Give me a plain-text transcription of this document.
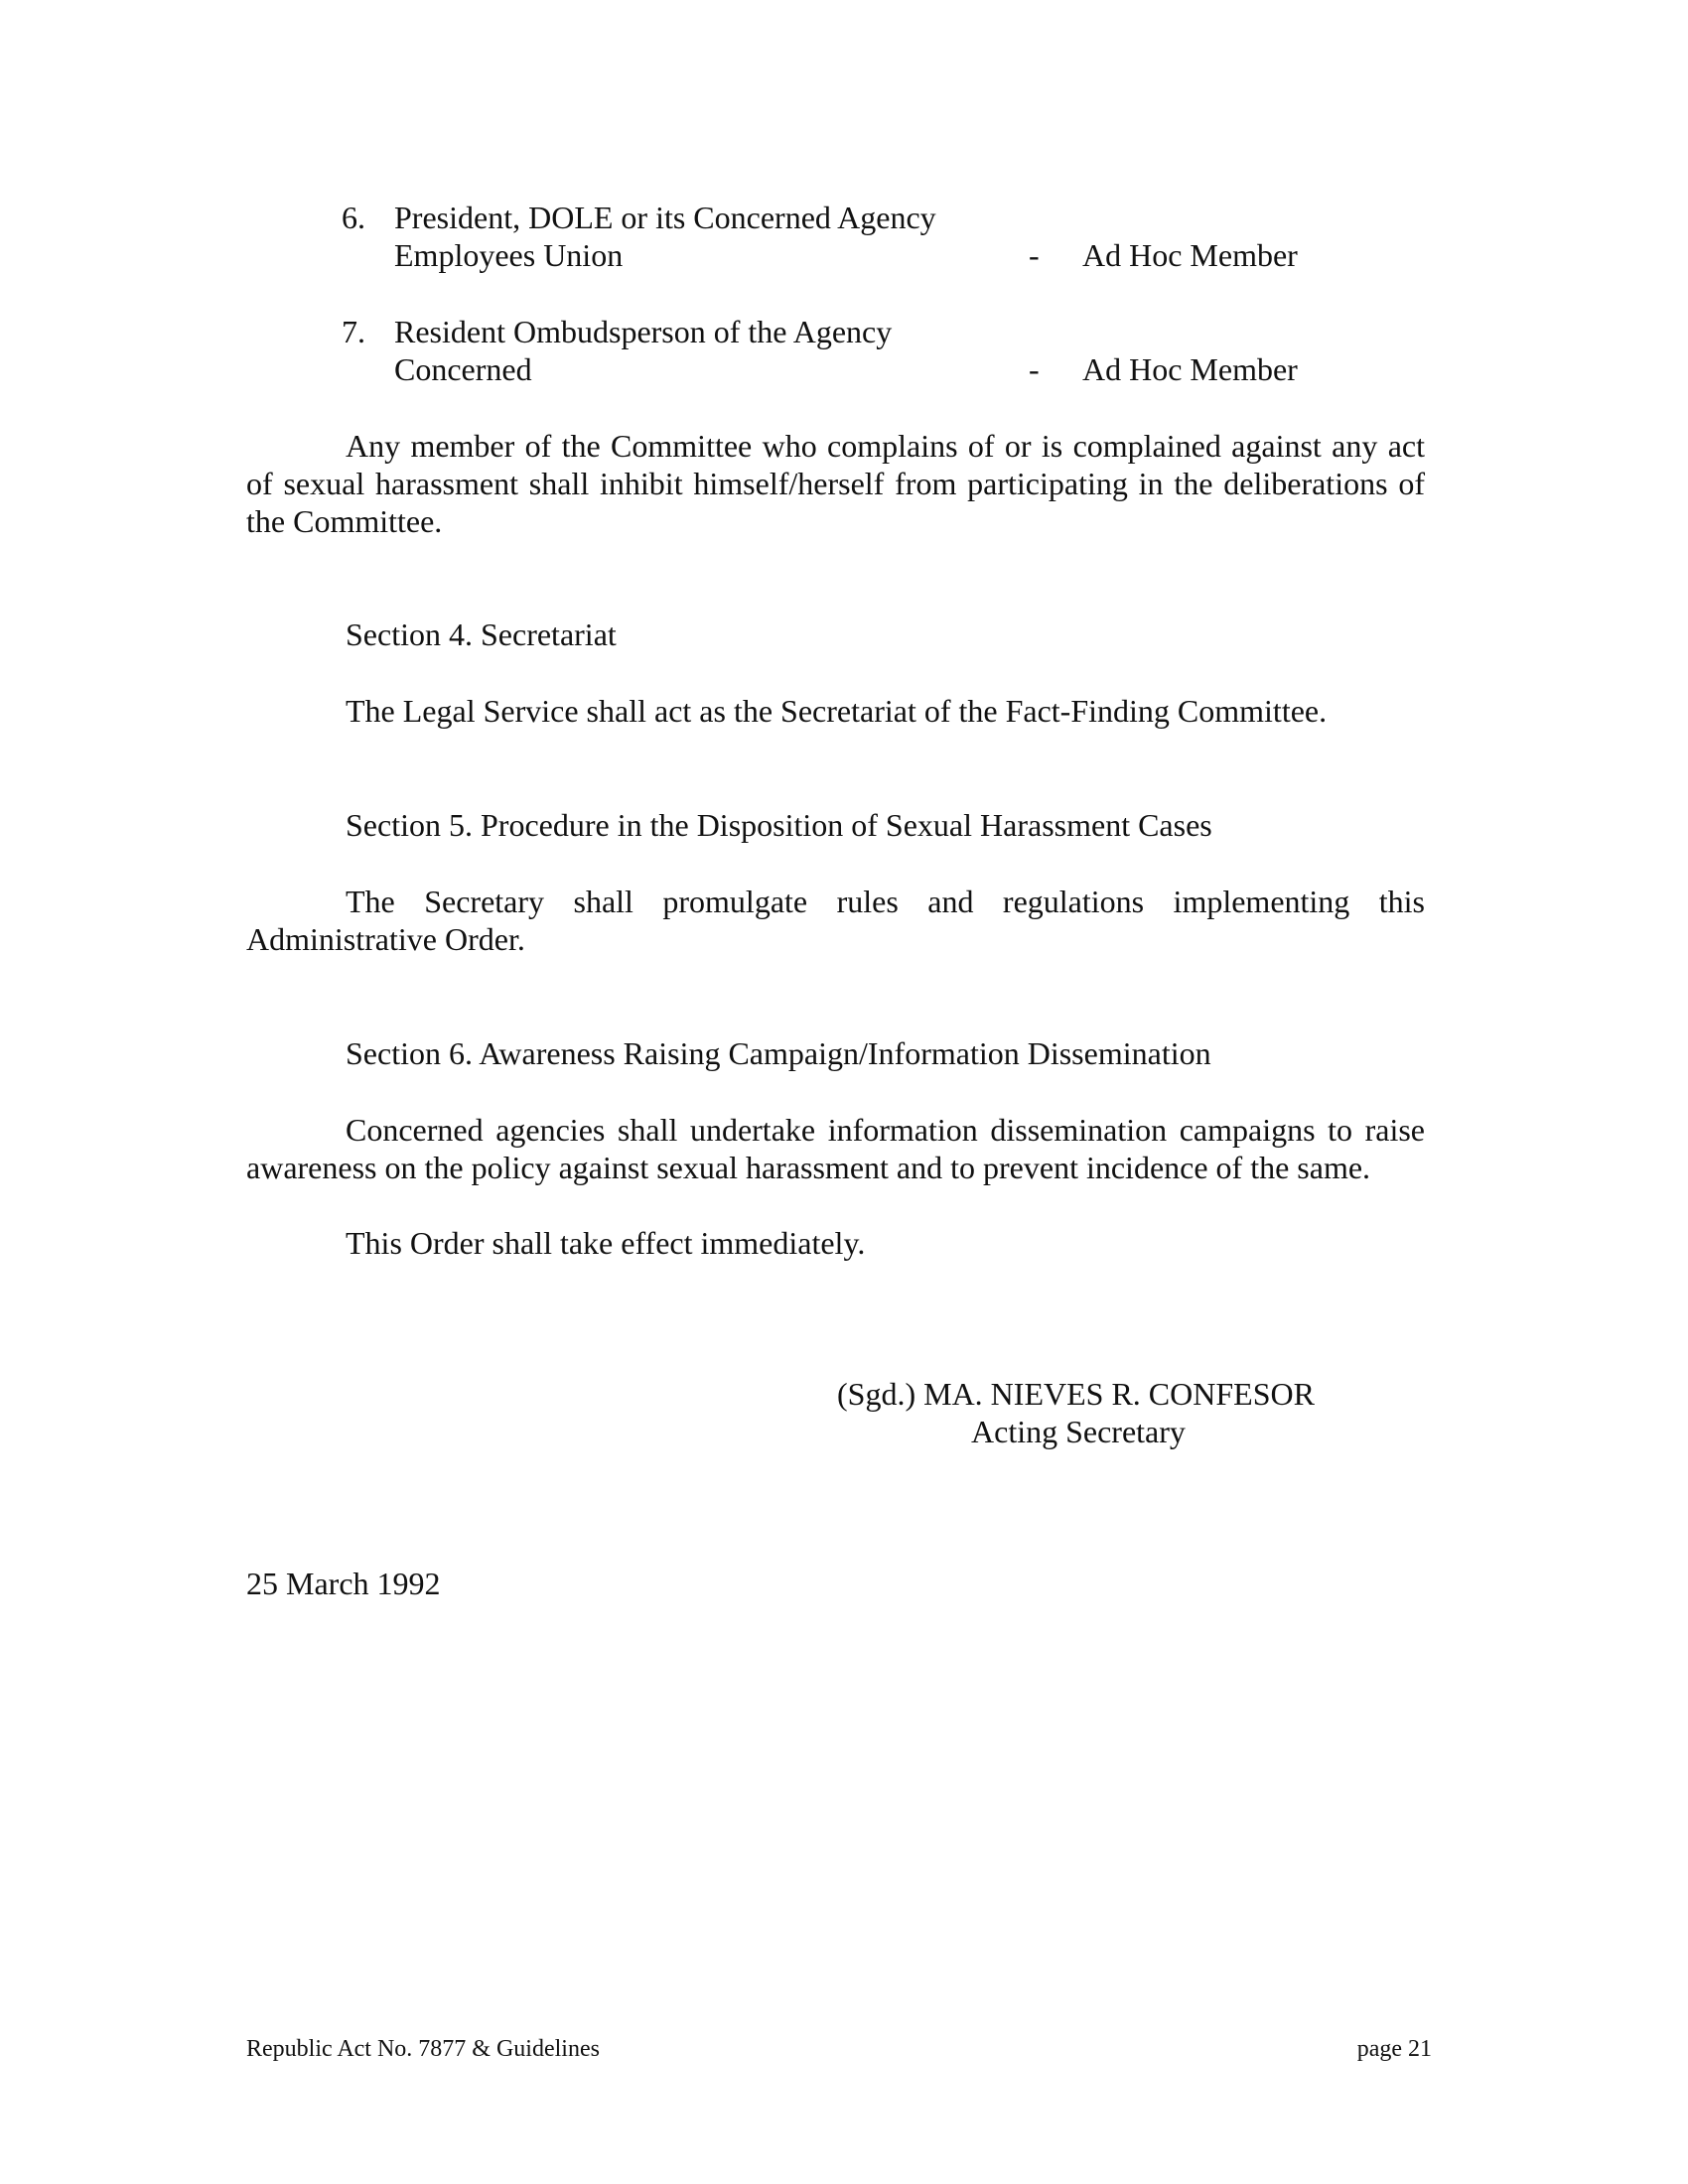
6. President, DOLE or its Concerned Agency

Employees Union	- Ad Hoc Member

7. Resident Ombudsperson of the Agency

Concerned	- Ad Hoc Member

Any member of the Committee who complains of or is complained against any act of sexual harassment shall inhibit himself/herself from participating in the deliberations of the Committee.

Section 4. Secretariat

The Legal Service shall act as the Secretariat of the Fact-Finding Committee.

Section 5. Procedure in the Disposition of Sexual Harassment Cases

The Secretary shall promulgate rules and regulations implementing this Administrative Order.

Section 6. Awareness Raising Campaign/Information Dissemination

Concerned agencies shall undertake information dissemination campaigns to raise awareness on the policy against sexual harassment and to prevent incidence of the same.

This Order shall take effect immediately.

(Sgd.) MA. NIEVES R. CONFESOR

Acting Secretary

25 March 1992

Republic Act No. 7877 & Guidelines	page 21
